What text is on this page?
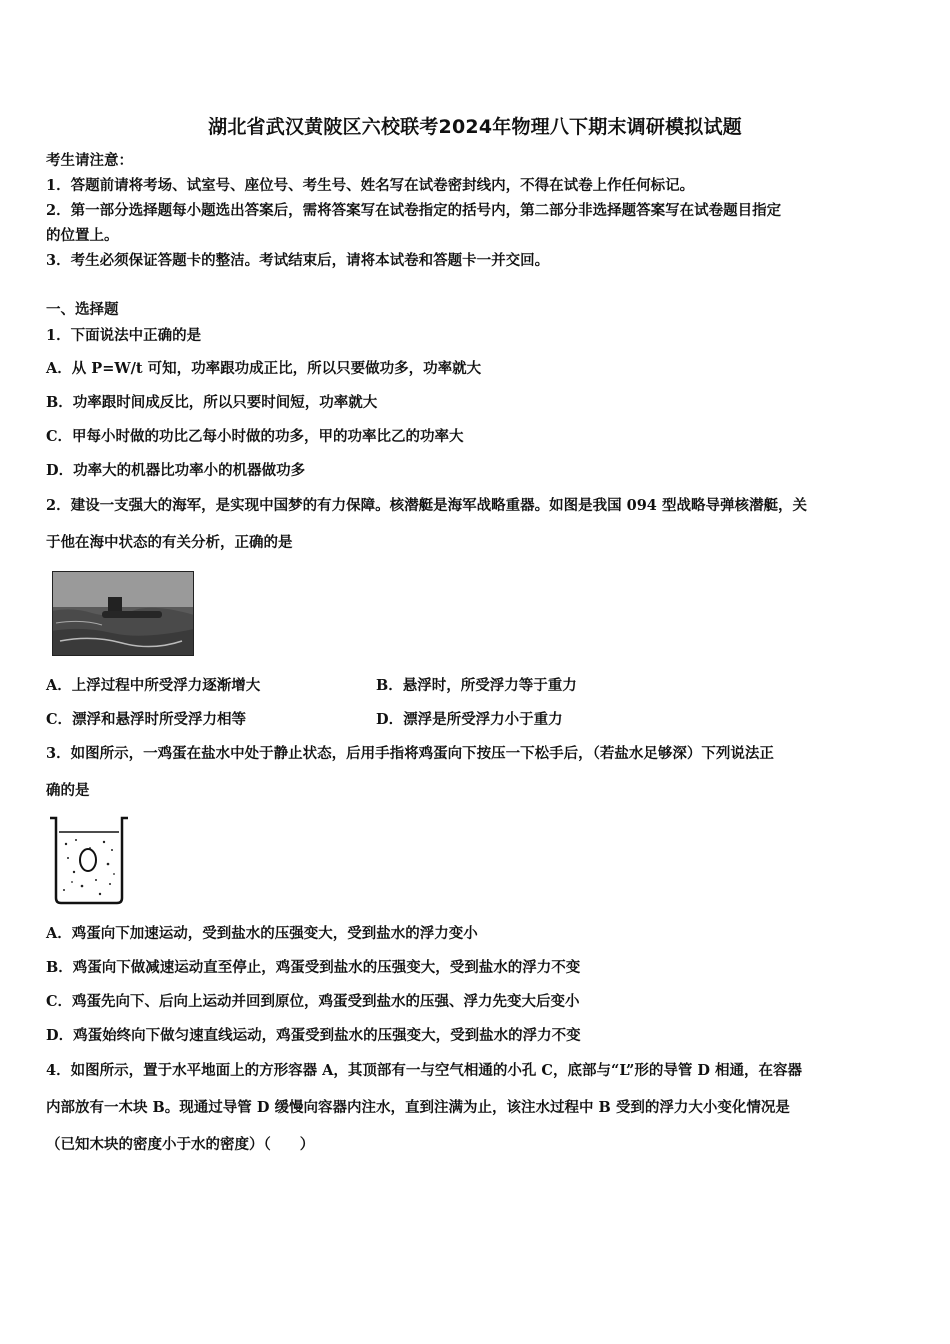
湖北省武汉黄陂区六校联考2024年物理八下期末调研模拟试题
考生请注意：
1．答题前请将考场、试室号、座位号、考生号、姓名写在试卷密封线内，不得在试卷上作任何标记。
2．第一部分选择题每小题选出答案后，需将答案写在试卷指定的括号内，第二部分非选择题答案写在试卷题目指定
的位置上。
3．考生必须保证答题卡的整洁。考试结束后，请将本试卷和答题卡一并交回。
一、选择题
1．下面说法中正确的是
A．从 P=W/t 可知，功率跟功成正比，所以只要做功多，功率就大
B．功率跟时间成反比，所以只要时间短，功率就大
C．甲每小时做的功比乙每小时做的功多，甲的功率比乙的功率大
D．功率大的机器比功率小的机器做功多
2．建设一支强大的海军，是实现中国梦的有力保障。核潜艇是海军战略重器。如图是我国 094 型战略导弹核潜艇，关
于他在海中状态的有关分析，正确的是
A．上浮过程中所受浮力逐渐增大	B．悬浮时，所受浮力等于重力
C．漂浮和悬浮时所受浮力相等	D．漂浮是所受浮力小于重力
3．如图所示，一鸡蛋在盐水中处于静止状态，后用手指将鸡蛋向下按压一下松手后，（若盐水足够深）下列说法正
确的是
A．鸡蛋向下加速运动，受到盐水的压强变大，受到盐水的浮力变小
B．鸡蛋向下做减速运动直至停止，鸡蛋受到盐水的压强变大，受到盐水的浮力不变
C．鸡蛋先向下、后向上运动并回到原位，鸡蛋受到盐水的压强、浮力先变大后变小
D．鸡蛋始终向下做匀速直线运动，鸡蛋受到盐水的压强变大，受到盐水的浮力不变
4．如图所示，置于水平地面上的方形容器 A，其顶部有一与空气相通的小孔 C，底部与“L”形的导管 D 相通，在容器
内部放有一木块 B。现通过导管 D 缓慢向容器内注水，直到注满为止，该注水过程中 B 受到的浮力大小变化情况是
（已知木块的密度小于水的密度）（　　）
